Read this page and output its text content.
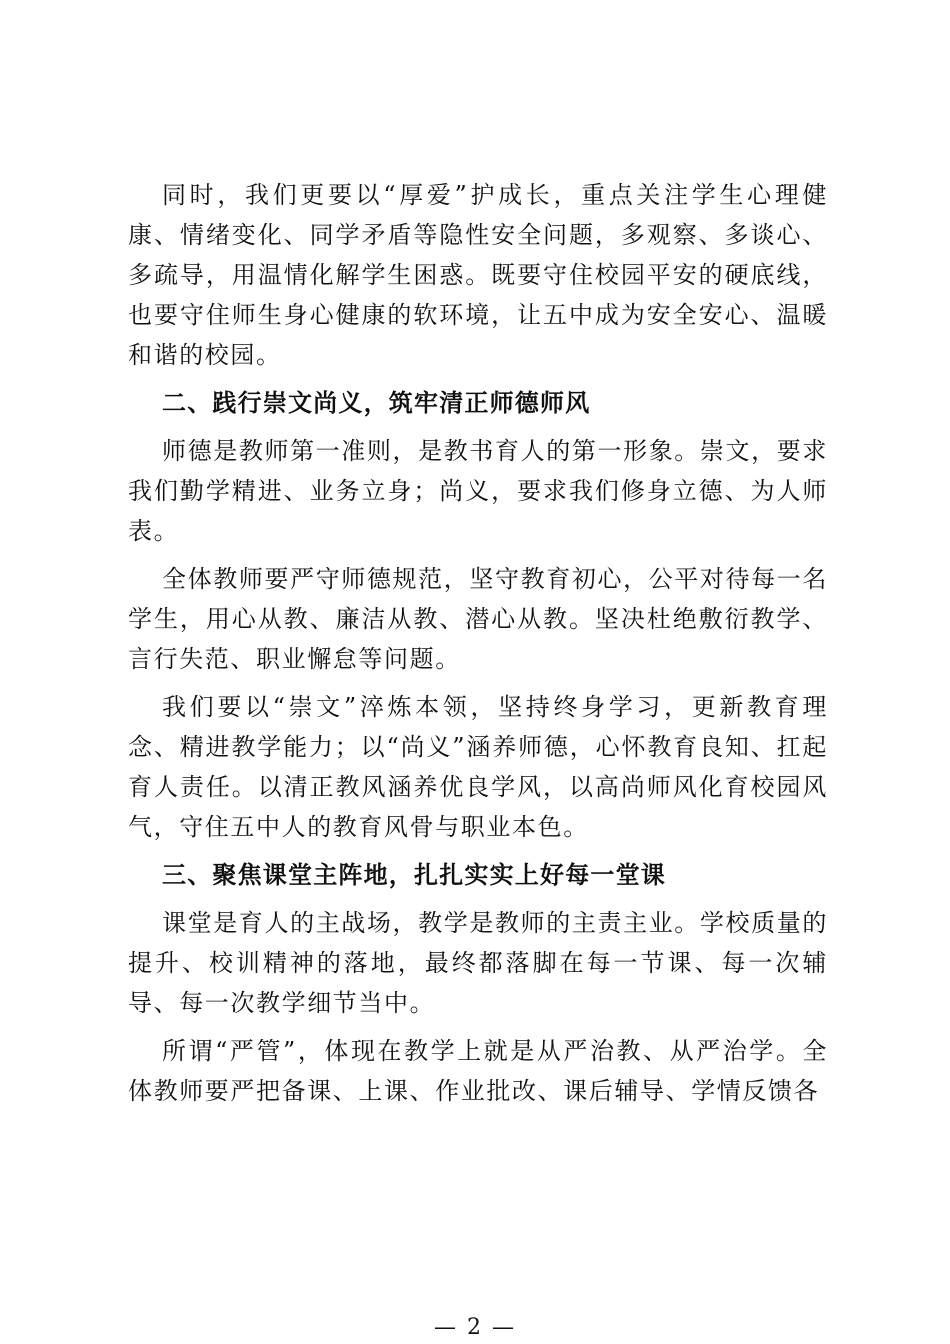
同时，我们更要以“厚爱”护成长，重点关注学生心理健康、情绪变化、同学矛盾等隐性安全问题，多观察、多谈心、多疏导，用温情化解学生困惑。既要守住校园平安的硬底线，也要守住师生身心健康的软环境，让五中成为安全安心、温暖和谐的校园。

二、践行崇文尚义，筑牢清正师德师风

师德是教师第一准则，是教书育人的第一形象。崇文，要求我们勤学精进、业务立身；尚义，要求我们修身立德、为人师表。

全体教师要严守师德规范，坚守教育初心，公平对待每一名学生，用心从教、廉洁从教、潜心从教。坚决杜绝敷衍教学、言行失范、职业懈怠等问题。

我们要以“崇文”淬炼本领，坚持终身学习，更新教育理念、精进教学能力；以“尚义”涵养师德，心怀教育良知、扛起育人责任。以清正教风涵养优良学风，以高尚师风化育校园风气，守住五中人的教育风骨与职业本色。

三、聚焦课堂主阵地，扎扎实实上好每一堂课

课堂是育人的主战场，教学是教师的主责主业。学校质量的提升、校训精神的落地，最终都落脚在每一节课、每一次辅导、每一次教学细节当中。

所谓“严管”，体现在教学上就是从严治教、从严治学。全体教师要严把备课、上课、作业批改、课后辅导、学情反馈各

— 2 —
